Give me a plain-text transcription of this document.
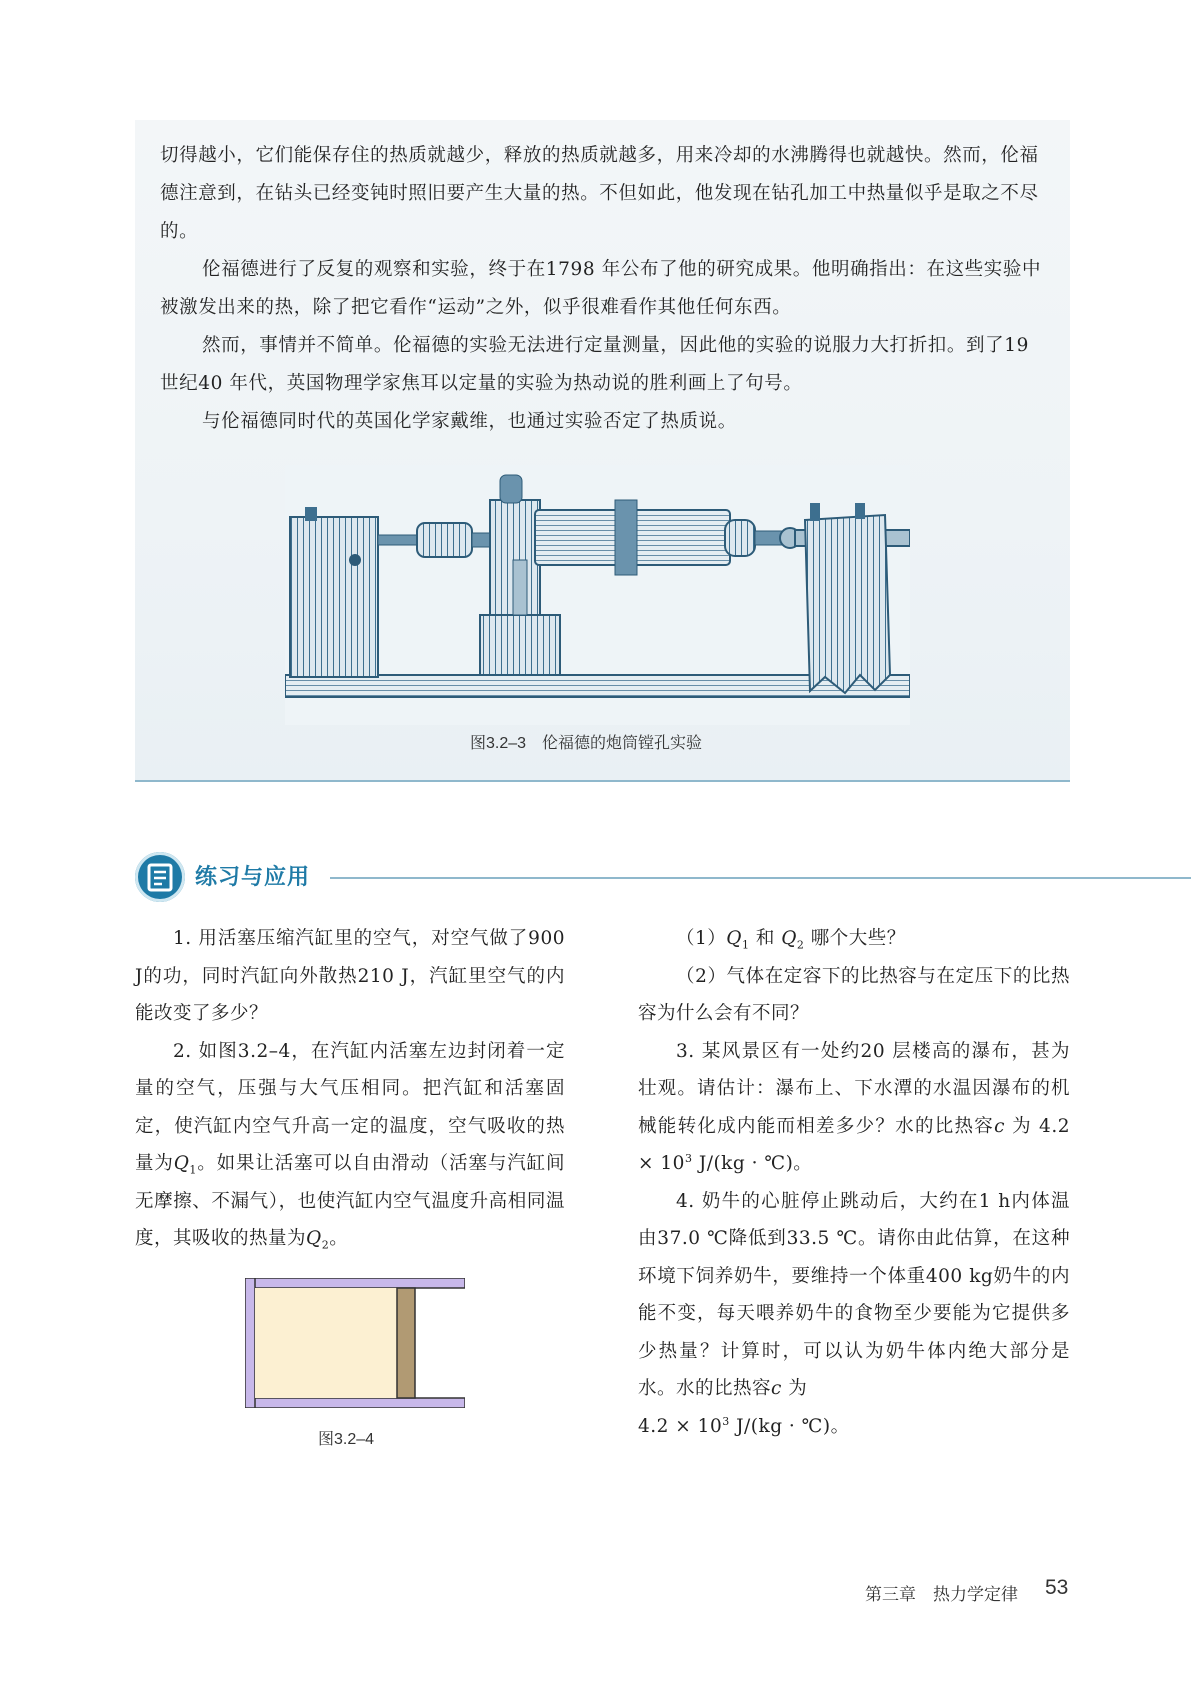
切得越小，它们能保存住的热质就越少，释放的热质就越多，用来冷却的水沸腾得也就越快。然而，伦福德注意到，在钻头已经变钝时照旧要产生大量的热。不但如此，他发现在钻孔加工中热量似乎是取之不尽的。

伦福德进行了反复的观察和实验，终于在1798 年公布了他的研究成果。他明确指出：在这些实验中被激发出来的热，除了把它看作“运动”之外，似乎很难看作其他任何东西。

然而，事情并不简单。伦福德的实验无法进行定量测量，因此他的实验的说服力大打折扣。到了19 世纪40 年代，英国物理学家焦耳以定量的实验为热动说的胜利画上了句号。

与伦福德同时代的英国化学家戴维，也通过实验否定了热质说。

图3.2–3　伦福德的炮筒镗孔实验
练习与应用

1. 用活塞压缩汽缸里的空气，对空气做了900 J的功，同时汽缸向外散热210 J，汽缸里空气的内能改变了多少？

2. 如图3.2–4，在汽缸内活塞左边封闭着一定量的空气，压强与大气压相同。把汽缸和活塞固定，使汽缸内空气升高一定的温度，空气吸收的热量为$Q_1$。如果让活塞可以自由滑动（活塞与汽缸间无摩擦、不漏气），也使汽缸内空气温度升高相同温度，其吸收的热量为$Q_2$。

图3.2–4

$(1)Q_1$ 和 $Q_2$ 哪个大些？

（2）气体在定容下的比热容与在定压下的比热容为什么会有不同？

3. 某风景区有一处约20 层楼高的瀑布，甚为壮观。请估计：瀑布上、下水潭的水温因瀑布的机械能转化成内能而相差多少？水的比热容c 为 $4.2 \times 10^3$ J/(kg · ℃)。

4. 奶牛的心脏停止跳动后，大约在1 h内体温由37.0 ℃降低到33.5 ℃。请你由此估算，在这种环境下饲养奶牛，要维持一个体重400 kg奶牛的内能不变，每天喂养奶牛的食物至少要能为它提供多少热量？计算时，可以认为奶牛体内绝大部分是水。水的比热容c 为
$4.2 \times 10^3$ J/(kg · ℃)。

第三章　热力学定律 53
